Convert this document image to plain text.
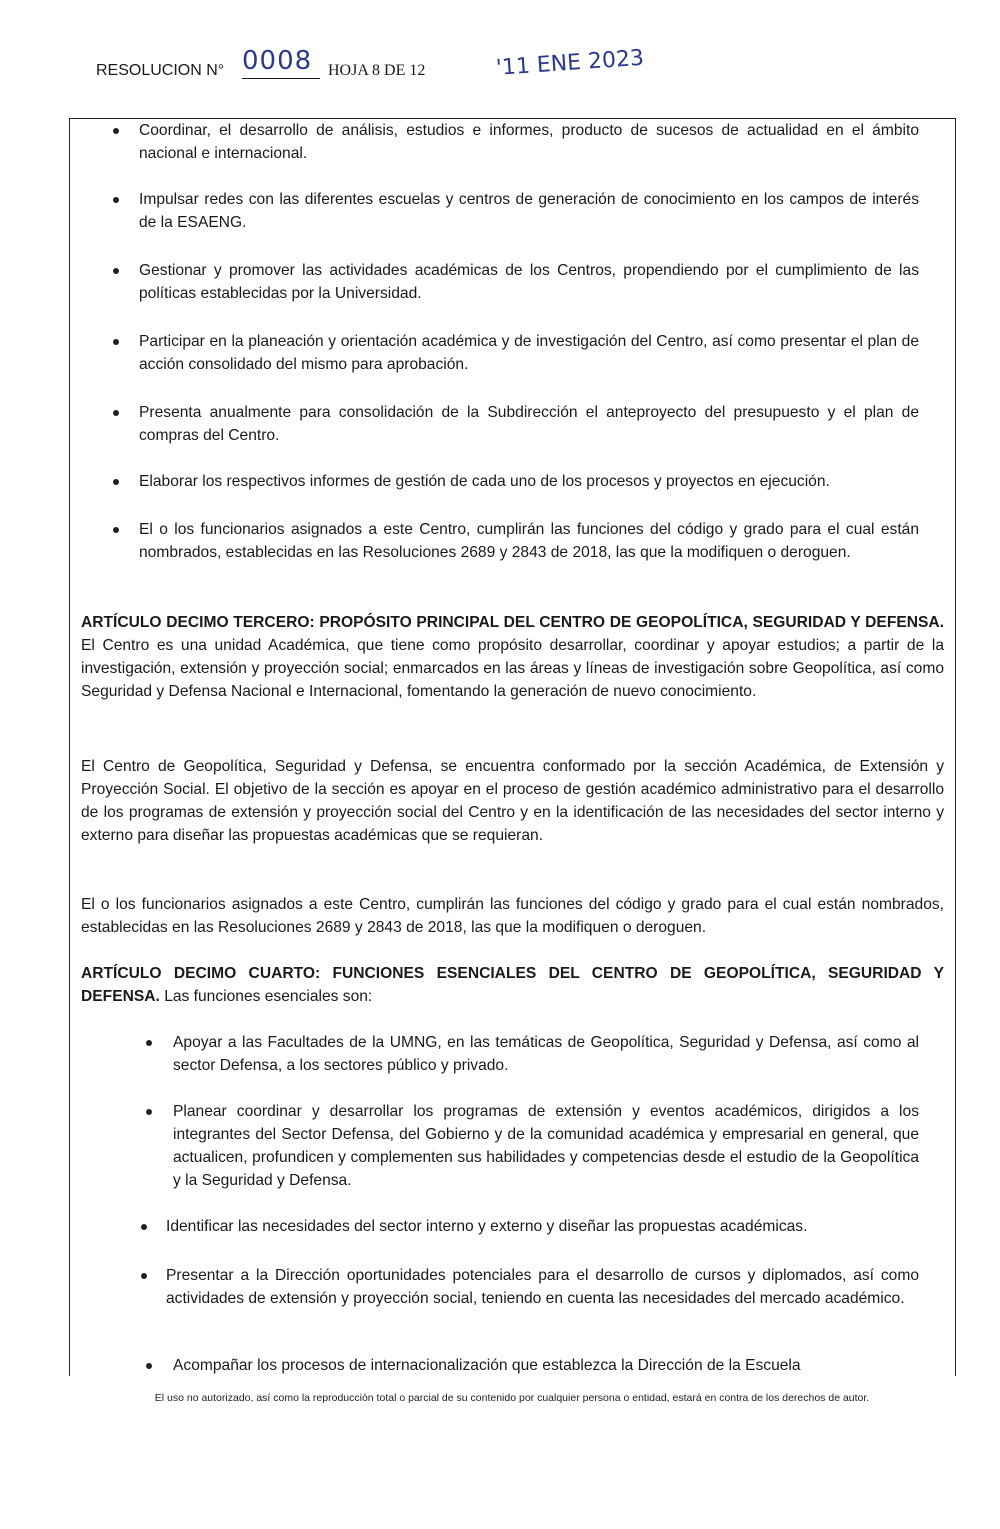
RESOLUCION N° 0008 HOJA 8 DE 12	'11 ENE 2023
Coordinar, el desarrollo de análisis, estudios e informes, producto de sucesos de actualidad en el ámbito nacional e internacional.
Impulsar redes con las diferentes escuelas y centros de generación de conocimiento en los campos de interés de la ESAENG.
Gestionar y promover las actividades académicas de los Centros, propendiendo por el cumplimiento de las políticas establecidas por la Universidad.
Participar en la planeación y orientación académica y de investigación del Centro, así como presentar el plan de acción consolidado del mismo para aprobación.
Presenta anualmente para consolidación de la Subdirección el anteproyecto del presupuesto y el plan de compras del Centro.
Elaborar los respectivos informes de gestión de cada uno de los procesos y proyectos en ejecución.
El o los funcionarios asignados a este Centro, cumplirán las funciones del código y grado para el cual están nombrados, establecidas en las Resoluciones 2689 y 2843 de 2018, las que la modifiquen o deroguen.
ARTÍCULO DECIMO TERCERO: PROPÓSITO PRINCIPAL DEL CENTRO DE GEOPOLÍTICA, SEGURIDAD Y DEFENSA. El Centro es una unidad Académica, que tiene como propósito desarrollar, coordinar y apoyar estudios; a partir de la investigación, extensión y proyección social; enmarcados en las áreas y líneas de investigación sobre Geopolítica, así como Seguridad y Defensa Nacional e Internacional, fomentando la generación de nuevo conocimiento.
El Centro de Geopolítica, Seguridad y Defensa, se encuentra conformado por la sección Académica, de Extensión y Proyección Social. El objetivo de la sección es apoyar en el proceso de gestión académico administrativo para el desarrollo de los programas de extensión y proyección social del Centro y en la identificación de las necesidades del sector interno y externo para diseñar las propuestas académicas que se requieran.
El o los funcionarios asignados a este Centro, cumplirán las funciones del código y grado para el cual están nombrados, establecidas en las Resoluciones 2689 y 2843 de 2018, las que la modifiquen o deroguen.
ARTÍCULO DECIMO CUARTO: FUNCIONES ESENCIALES DEL CENTRO DE GEOPOLÍTICA, SEGURIDAD Y DEFENSA. Las funciones esenciales son:
Apoyar a las Facultades de la UMNG, en las temáticas de Geopolítica, Seguridad y Defensa, así como al sector Defensa, a los sectores público y privado.
Planear coordinar y desarrollar los programas de extensión y eventos académicos, dirigidos a los integrantes del Sector Defensa, del Gobierno y de la comunidad académica y empresarial en general, que actualicen, profundicen y complementen sus habilidades y competencias desde el estudio de la Geopolítica y la Seguridad y Defensa.
Identificar las necesidades del sector interno y externo y diseñar las propuestas académicas.
Presentar a la Dirección oportunidades potenciales para el desarrollo de cursos y diplomados, así como actividades de extensión y proyección social, teniendo en cuenta las necesidades del mercado académico.
Acompañar los procesos de internacionalización que establezca la Dirección de la Escuela
El uso no autorizado, así como la reproducción total o parcial de su contenido por cualquier persona o entidad, estará en contra de los derechos de autor.
